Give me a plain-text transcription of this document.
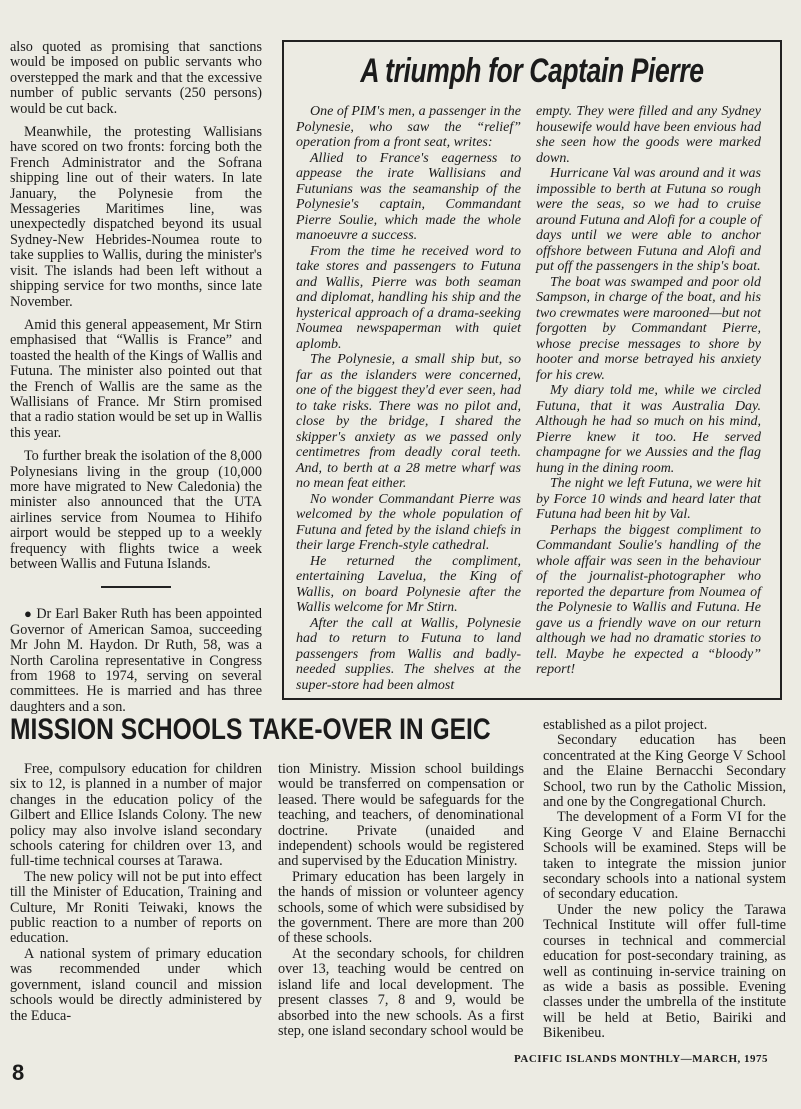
also quoted as promising that sanctions would be imposed on public servants who overstepped the mark and that the excessive number of public servants (250 persons) would be cut back.

Meanwhile, the protesting Wallisians have scored on two fronts: forcing both the French Administrator and the Sofrana shipping line out of their waters. In late January, the Polynesie from the Messageries Maritimes line, was unexpectedly dispatched beyond its usual Sydney-New Hebrides-Noumea route to take supplies to Wallis, during the minister's visit. The islands had been left without a shipping service for two months, since late November.

Amid this general appeasement, Mr Stirn emphasised that “Wallis is France” and toasted the health of the Kings of Wallis and Futuna. The minister also pointed out that the French of Wallis are the same as the Wallisians of France. Mr Stirn promised that a radio station would be set up in Wallis this year.

To further break the isolation of the 8,000 Polynesians living in the group (10,000 more have migrated to New Caledonia) the minister also announced that the UTA airlines service from Noumea to Hihifo airport would be stepped up to a weekly frequency with flights twice a week between Wallis and Futuna Islands.

● Dr Earl Baker Ruth has been appointed Governor of American Samoa, succeeding Mr John M. Haydon. Dr Ruth, 58, was a North Carolina representative in Congress from 1968 to 1974, serving on several committees. He is married and has three daughters and a son.

A triumph for Captain Pierre

One of PIM's men, a passenger in the Polynesie, who saw the “relief” operation from a front seat, writes:

Allied to France's eagerness to appease the irate Wallisians and Futunians was the seamanship of the Polynesie's captain, Commandant Pierre Soulie, which made the whole manoeuvre a success.

From the time he received word to take stores and passengers to Futuna and Wallis, Pierre was both seaman and diplomat, handling his ship and the hysterical approach of a drama-seeking Noumea newspaperman with quiet aplomb.

The Polynesie, a small ship but, so far as the islanders were concerned, one of the biggest they'd ever seen, had to take risks. There was no pilot and, close by the bridge, I shared the skipper's anxiety as we passed only centimetres from deadly coral teeth. And, to berth at a 28 metre wharf was no mean feat either.

No wonder Commandant Pierre was welcomed by the whole population of Futuna and feted by the island chiefs in their large French-style cathedral.

He returned the compliment, entertaining Lavelua, the King of Wallis, on board Polynesie after the Wallis welcome for Mr Stirn.

After the call at Wallis, Polynesie had to return to Futuna to land passengers from Wallis and badly-needed supplies. The shelves at the super-store had been almost

empty. They were filled and any Sydney housewife would have been envious had she seen how the goods were marked down.

Hurricane Val was around and it was impossible to berth at Futuna so rough were the seas, so we had to cruise around Futuna and Alofi for a couple of days until we were able to anchor offshore between Futuna and Alofi and put off the passengers in the ship's boat.

The boat was swamped and poor old Sampson, in charge of the boat, and his two crewmates were marooned—but not forgotten by Commandant Pierre, whose precise messages to shore by hooter and morse betrayed his anxiety for his crew.

My diary told me, while we circled Futuna, that it was Australia Day. Although he had so much on his mind, Pierre knew it too. He served champagne for we Aussies and the flag hung in the dining room.

The night we left Futuna, we were hit by Force 10 winds and heard later that Futuna had been hit by Val.

Perhaps the biggest compliment to Commandant Soulie's handling of the whole affair was seen in the behaviour of the journalist-photographer who reported the departure from Noumea of the Polynesie to Wallis and Futuna. He gave us a friendly wave on our return although we had no dramatic stories to tell. Maybe he expected a “bloody” report!

MISSION SCHOOLS TAKE-OVER IN GEIC

Free, compulsory education for children six to 12, is planned in a number of major changes in the education policy of the Gilbert and Ellice Islands Colony. The new policy may also involve island secondary schools catering for children over 13, and full-time technical courses at Tarawa.

The new policy will not be put into effect till the Minister of Education, Training and Culture, Mr Roniti Teiwaki, knows the public reaction to a number of reports on education.

A national system of primary education was recommended under which government, island council and mission schools would be directly administered by the Educa-

tion Ministry. Mission school buildings would be transferred on compensation or leased. There would be safeguards for the teaching, and teachers, of denominational doctrine. Private (unaided and independent) schools would be registered and supervised by the Education Ministry.

Primary education has been largely in the hands of mission or volunteer agency schools, some of which were subsidised by the government. There are more than 200 of these schools.

At the secondary schools, for children over 13, teaching would be centred on island life and local development. The present classes 7, 8 and 9, would be absorbed into the new schools. As a first step, one island secondary school would be

established as a pilot project.

Secondary education has been concentrated at the King George V School and the Elaine Bernacchi Secondary School, two run by the Catholic Mission, and one by the Congregational Church.

The development of a Form VI for the King George V and Elaine Bernacchi Schools will be examined. Steps will be taken to integrate the mission junior secondary schools into a national system of secondary education.

Under the new policy the Tarawa Technical Institute will offer full-time courses in technical and commercial education for post-secondary training, as well as continuing in-service training on as wide a basis as possible. Evening classes under the umbrella of the institute will be held at Betio, Bairiki and Bikenibeu.

8
PACIFIC ISLANDS MONTHLY—MARCH, 1975
